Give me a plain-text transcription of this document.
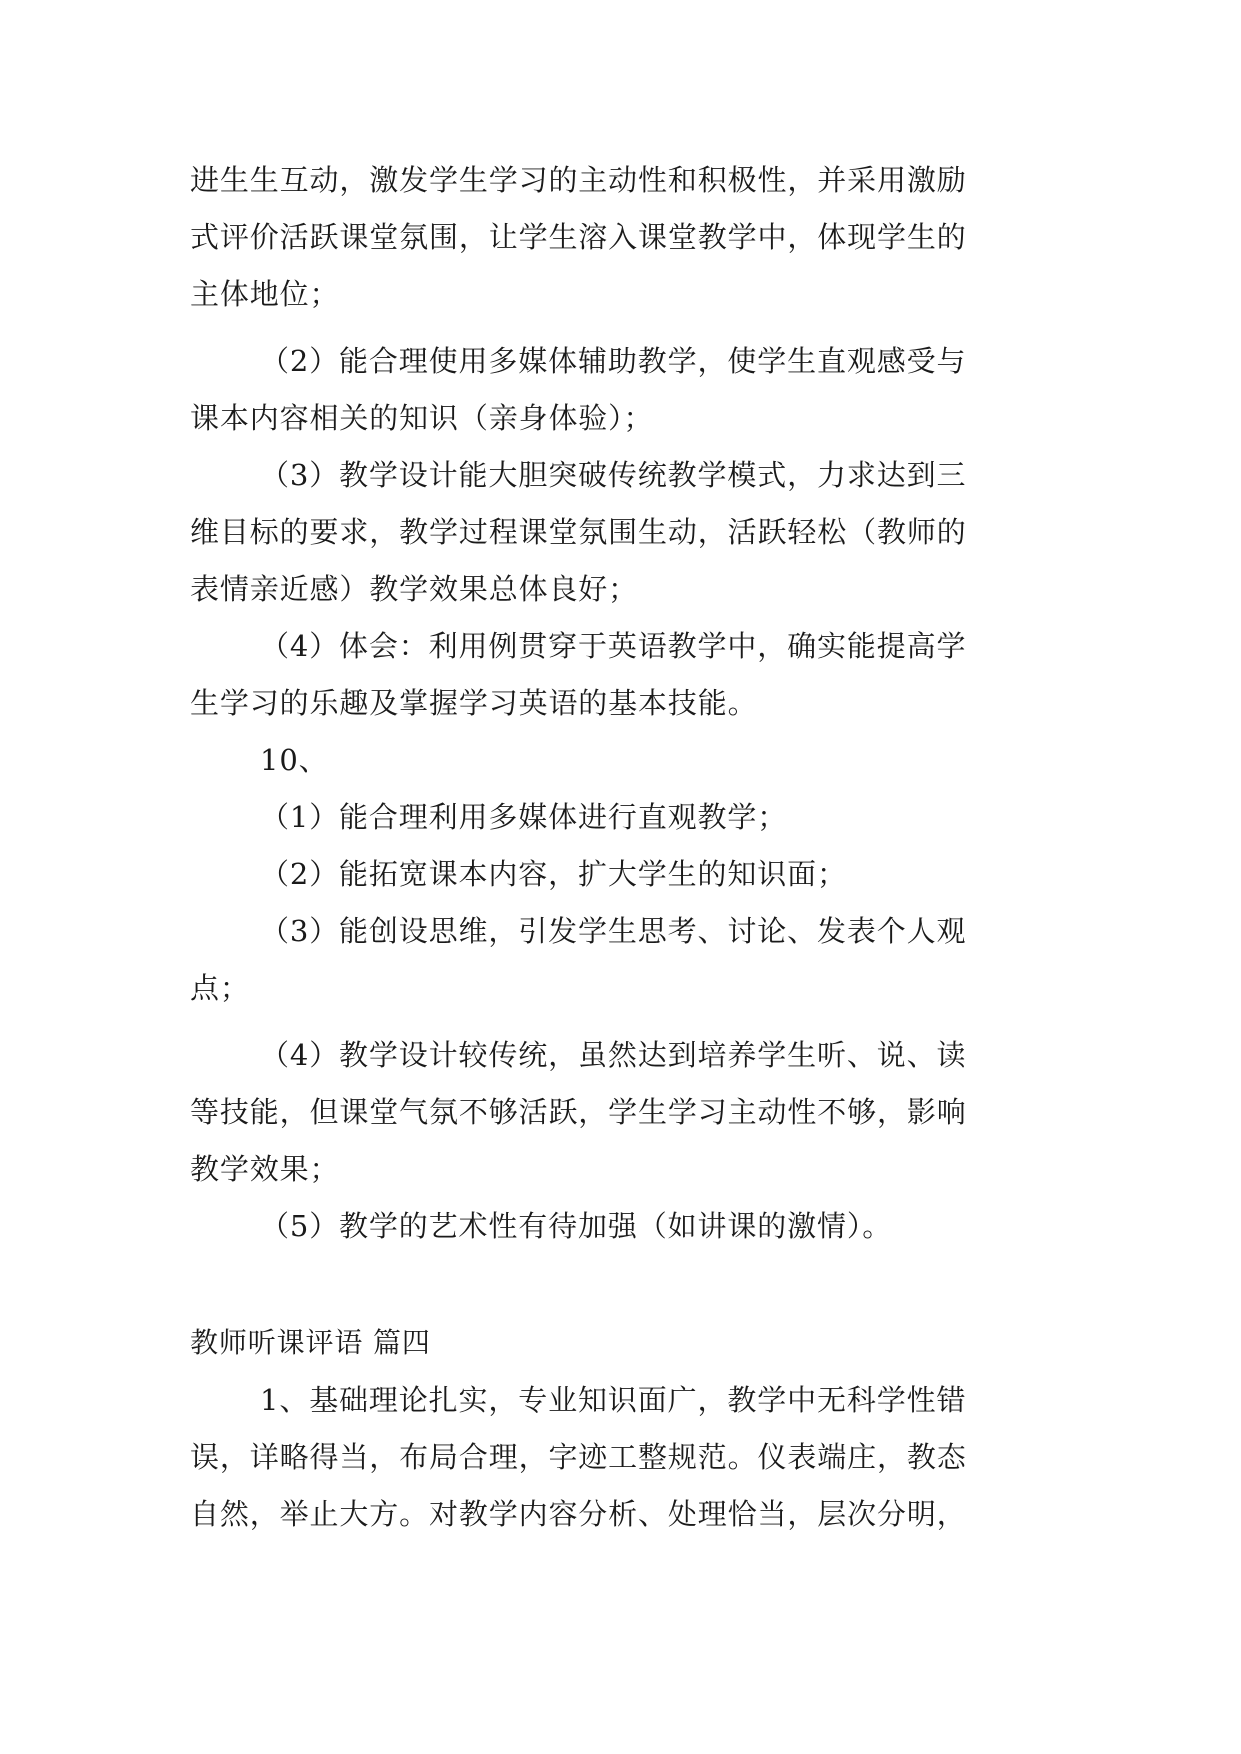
进生生互动，激发学生学习的主动性和积极性，并采用激励
式评价活跃课堂氛围，让学生溶入课堂教学中，体现学生的
主体地位；
（2）能合理使用多媒体辅助教学，使学生直观感受与
课本内容相关的知识（亲身体验）；
（3）教学设计能大胆突破传统教学模式，力求达到三
维目标的要求，教学过程课堂氛围生动，活跃轻松（教师的
表情亲近感）教学效果总体良好；
（4）体会：利用例贯穿于英语教学中，确实能提高学
生学习的乐趣及掌握学习英语的基本技能。
10、
（1）能合理利用多媒体进行直观教学；
（2）能拓宽课本内容，扩大学生的知识面；
（3）能创设思维，引发学生思考、讨论、发表个人观
点；
（4）教学设计较传统，虽然达到培养学生听、说、读
等技能，但课堂气氛不够活跃，学生学习主动性不够，影响
教学效果；
（5）教学的艺术性有待加强（如讲课的激情）。
教师听课评语 篇四
1、基础理论扎实，专业知识面广，教学中无科学性错
误，详略得当，布局合理，字迹工整规范。仪表端庄，教态
自然，举止大方。对教学内容分析、处理恰当，层次分明，
